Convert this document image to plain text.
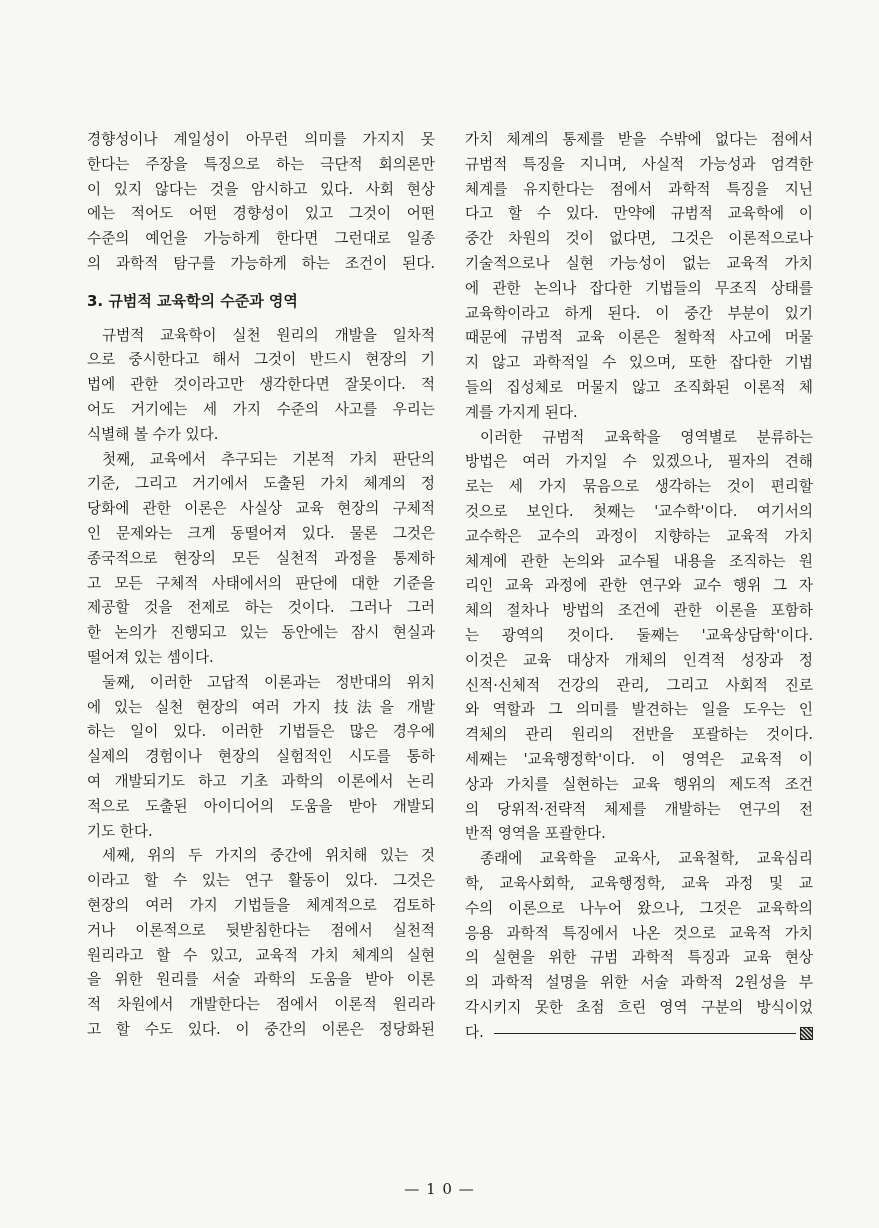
경향성이나 계일성이 아무런 의미를 가지지 못
한다는 주장을 특징으로 하는 극단적 회의론만
이 있지 않다는 것을 암시하고 있다. 사회 현상
에는 적어도 어떤 경향성이 있고 그것이 어떤
수준의 예언을 가능하게 한다면 그런대로 일종
의 과학적 탐구를 가능하게 하는 조건이 된다.
3. 규범적 교육학의 수준과 영역
규범적 교육학이 실천 원리의 개발을 일차적
으로 중시한다고 해서 그것이 반드시 현장의 기
법에 관한 것이라고만 생각한다면 잘못이다. 적
어도 거기에는 세 가지 수준의 사고를 우리는
식별해 볼 수가 있다.
첫째, 교육에서 추구되는 기본적 가치 판단의
기준, 그리고 거기에서 도출된 가치 체계의 정
당화에 관한 이론은 사실상 교육 현장의 구체적
인 문제와는 크게 동떨어져 있다. 물론 그것은
종국적으로 현장의 모든 실천적 과정을 통제하
고 모든 구체적 사태에서의 판단에 대한 기준을
제공할 것을 전제로 하는 것이다. 그러나 그러
한 논의가 진행되고 있는 동안에는 잠시 현실과
떨어져 있는 셈이다.
둘째, 이러한 고답적 이론과는 정반대의 위치
에 있는 실천 현장의 여러 가지 技法을 개발
하는 일이 있다. 이러한 기법들은 많은 경우에
실제의 경험이나 현장의 실험적인 시도를 통하
여 개발되기도 하고 기초 과학의 이론에서 논리
적으로 도출된 아이디어의 도움을 받아 개발되
기도 한다.
세째, 위의 두 가지의 중간에 위치해 있는 것
이라고 할 수 있는 연구 활동이 있다. 그것은
현장의 여러 가지 기법들을 체계적으로 검토하
거나 이론적으로 뒷받침한다는 점에서 실천적
원리라고 할 수 있고, 교육적 가치 체계의 실현
을 위한 원리를 서술 과학의 도움을 받아 이론
적 차원에서 개발한다는 점에서 이론적 원리라
고 할 수도 있다. 이 중간의 이론은 정당화된
가치 체계의 통제를 받을 수밖에 없다는 점에서
규범적 특징을 지니며, 사실적 가능성과 엄격한
체계를 유지한다는 점에서 과학적 특징을 지닌
다고 할 수 있다. 만약에 규범적 교육학에 이
중간 차원의 것이 없다면, 그것은 이론적으로나
기술적으로나 실현 가능성이 없는 교육적 가치
에 관한 논의나 잡다한 기법들의 무조직 상태를
교육학이라고 하게 된다. 이 중간 부분이 있기
때문에 규범적 교육 이론은 철학적 사고에 머물
지 않고 과학적일 수 있으며, 또한 잡다한 기법
들의 집성체로 머물지 않고 조직화된 이론적 체
계를 가지게 된다.
이러한 규범적 교육학을 영역별로 분류하는
방법은 여러 가지일 수 있겠으나, 필자의 견해
로는 세 가지 묶음으로 생각하는 것이 편리할
것으로 보인다. 첫째는 '교수학'이다. 여기서의
교수학은 교수의 과정이 지향하는 교육적 가치
체계에 관한 논의와 교수될 내용을 조직하는 원
리인 교육 과정에 관한 연구와 교수 행위 그 자
체의 절차나 방법의 조건에 관한 이론을 포함하
는 광역의 것이다. 둘째는 '교육상담학'이다.
이것은 교육 대상자 개체의 인격적 성장과 정
신적·신체적 건강의 관리, 그리고 사회적 진로
와 역할과 그 의미를 발견하는 일을 도우는 인
격체의 관리 원리의 전반을 포괄하는 것이다.
세째는 '교육행정학'이다. 이 영역은 교육적 이
상과 가치를 실현하는 교육 행위의 제도적 조건
의 당위적·전략적 체제를 개발하는 연구의 전
반적 영역을 포괄한다.
종래에 교육학을 교육사, 교육철학, 교육심리
학, 교육사회학, 교육행정학, 교육 과정 및 교
수의 이론으로 나누어 왔으나, 그것은 교육학의
응용 과학적 특징에서 나온 것으로 교육적 가치
의 실현을 위한 규범 과학적 특징과 교육 현상
의 과학적 설명을 위한 서술 과학적 2원성을 부
각시키지 못한 초점 흐린 영역 구분의 방식이었
다.
— 1 0 —
